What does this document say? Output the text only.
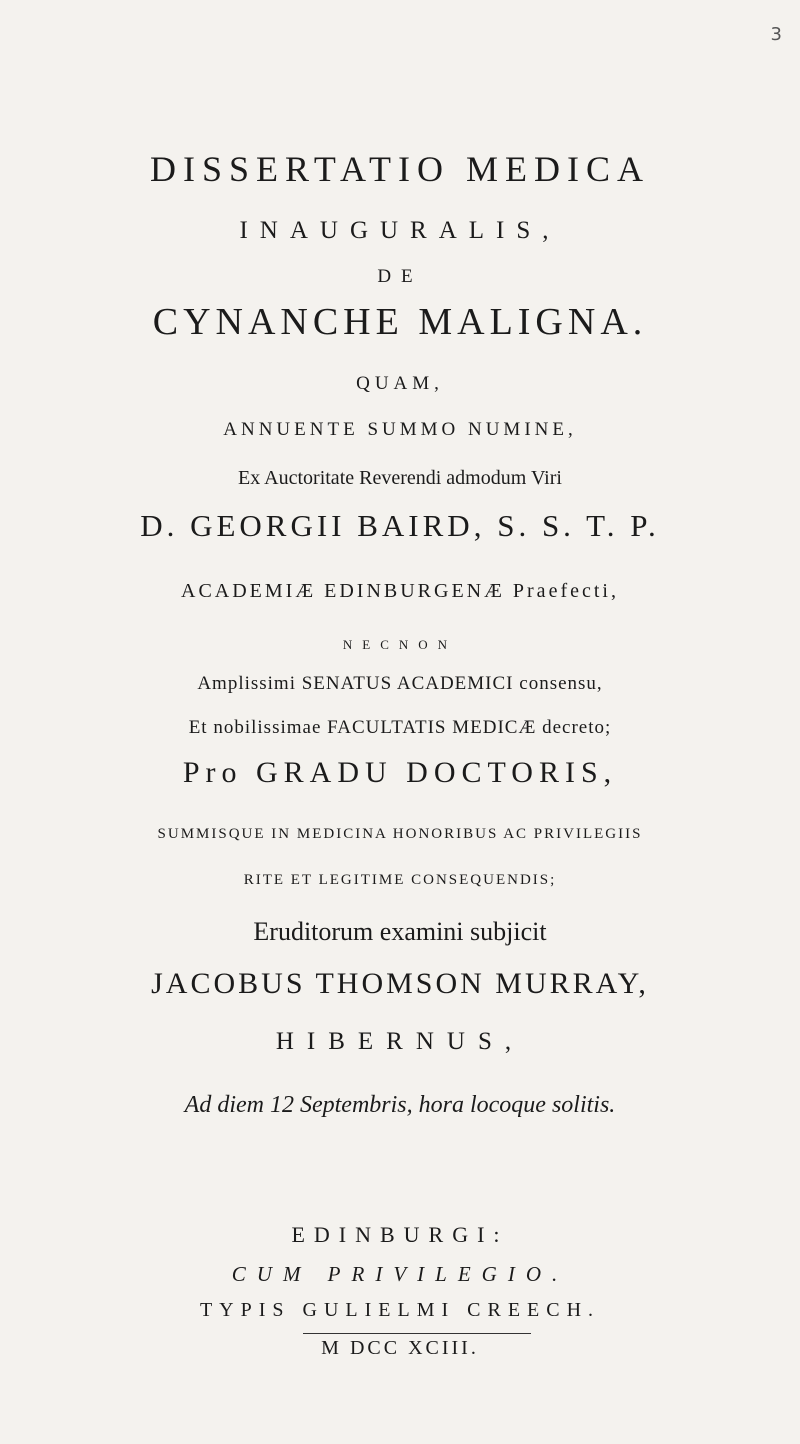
3
DISSERTATIO MEDICA
INAUGURALIS,
DE
CYNANCHE MALIGNA.
QUAM,
ANNUENTE SUMMO NUMINE,
Ex Auctoritate Reverendi admodum Viri
D. GEORGII BAIRD, S. S. T. P.
ACADEMIÆ EDINBURGENÆ Praefecti,
NECNON
Amplissimi SENATUS ACADEMICI consensu,
Et nobilissimae FACULTATIS MEDICÆ decreto;
Pro GRADU DOCTORIS,
SUMMISQUE IN MEDICINA HONORIBUS AC PRIVILEGIIS
RITE ET LEGITIME CONSEQUENDIS;
Eruditorum examini subjicit
JACOBUS THOMSON MURRAY,
HIBERNUS,
Ad diem 12 Septembris, hora locoque solitis.
EDINBURGI:
CUM PRIVILEGIO.
TYPIS GULIELMI CREECH.
M DCC XCIII.
